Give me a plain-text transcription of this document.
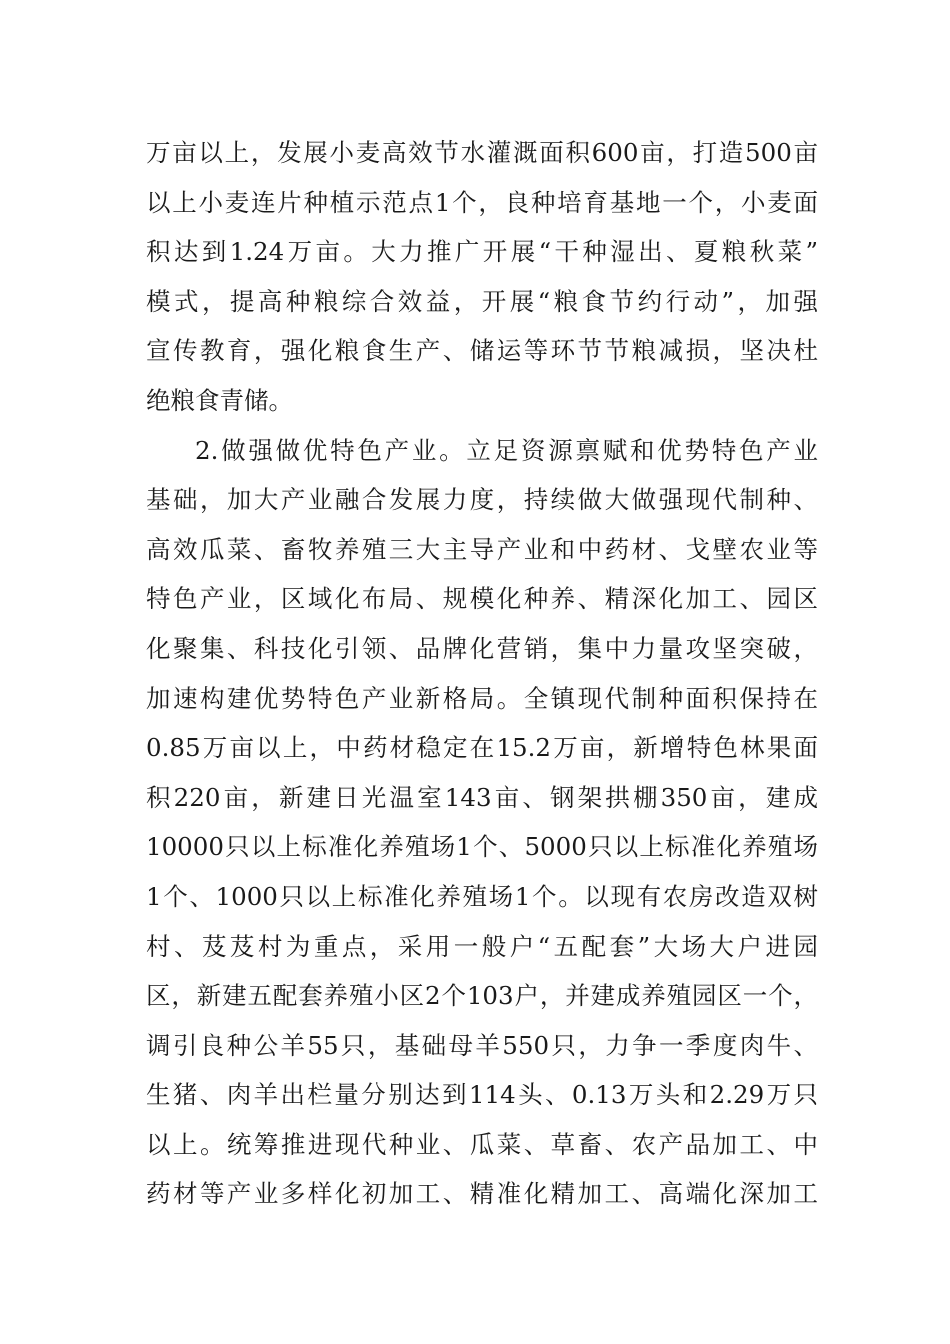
万亩以上，发展小麦高效节水灌溉面积600亩，打造500亩
以上小麦连片种植示范点1个，良种培育基地一个，小麦面
积达到1.24万亩。大力推广开展“干种湿出、夏粮秋菜”
模式，提高种粮综合效益，开展“粮食节约行动”，加强
宣传教育，强化粮食生产、储运等环节节粮减损，坚决杜
绝粮食青储。
2.做强做优特色产业。立足资源禀赋和优势特色产业
基础，加大产业融合发展力度，持续做大做强现代制种、
高效瓜菜、畜牧养殖三大主导产业和中药材、戈壁农业等
特色产业，区域化布局、规模化种养、精深化加工、园区
化聚集、科技化引领、品牌化营销，集中力量攻坚突破，
加速构建优势特色产业新格局。全镇现代制种面积保持在
0.85万亩以上，中药材稳定在15.2万亩，新增特色林果面
积220亩，新建日光温室143亩、钢架拱棚350亩，建成
10000只以上标准化养殖场1个、5000只以上标准化养殖场
1个、1000只以上标准化养殖场1个。以现有农房改造双树
村、芨芨村为重点，采用一般户“五配套”大场大户进园
区，新建五配套养殖小区2个103户，并建成养殖园区一个，
调引良种公羊55只，基础母羊550只，力争一季度肉牛、
生猪、肉羊出栏量分别达到114头、0.13万头和2.29万只
以上。统筹推进现代种业、瓜菜、草畜、农产品加工、中
药材等产业多样化初加工、精准化精加工、高端化深加工
